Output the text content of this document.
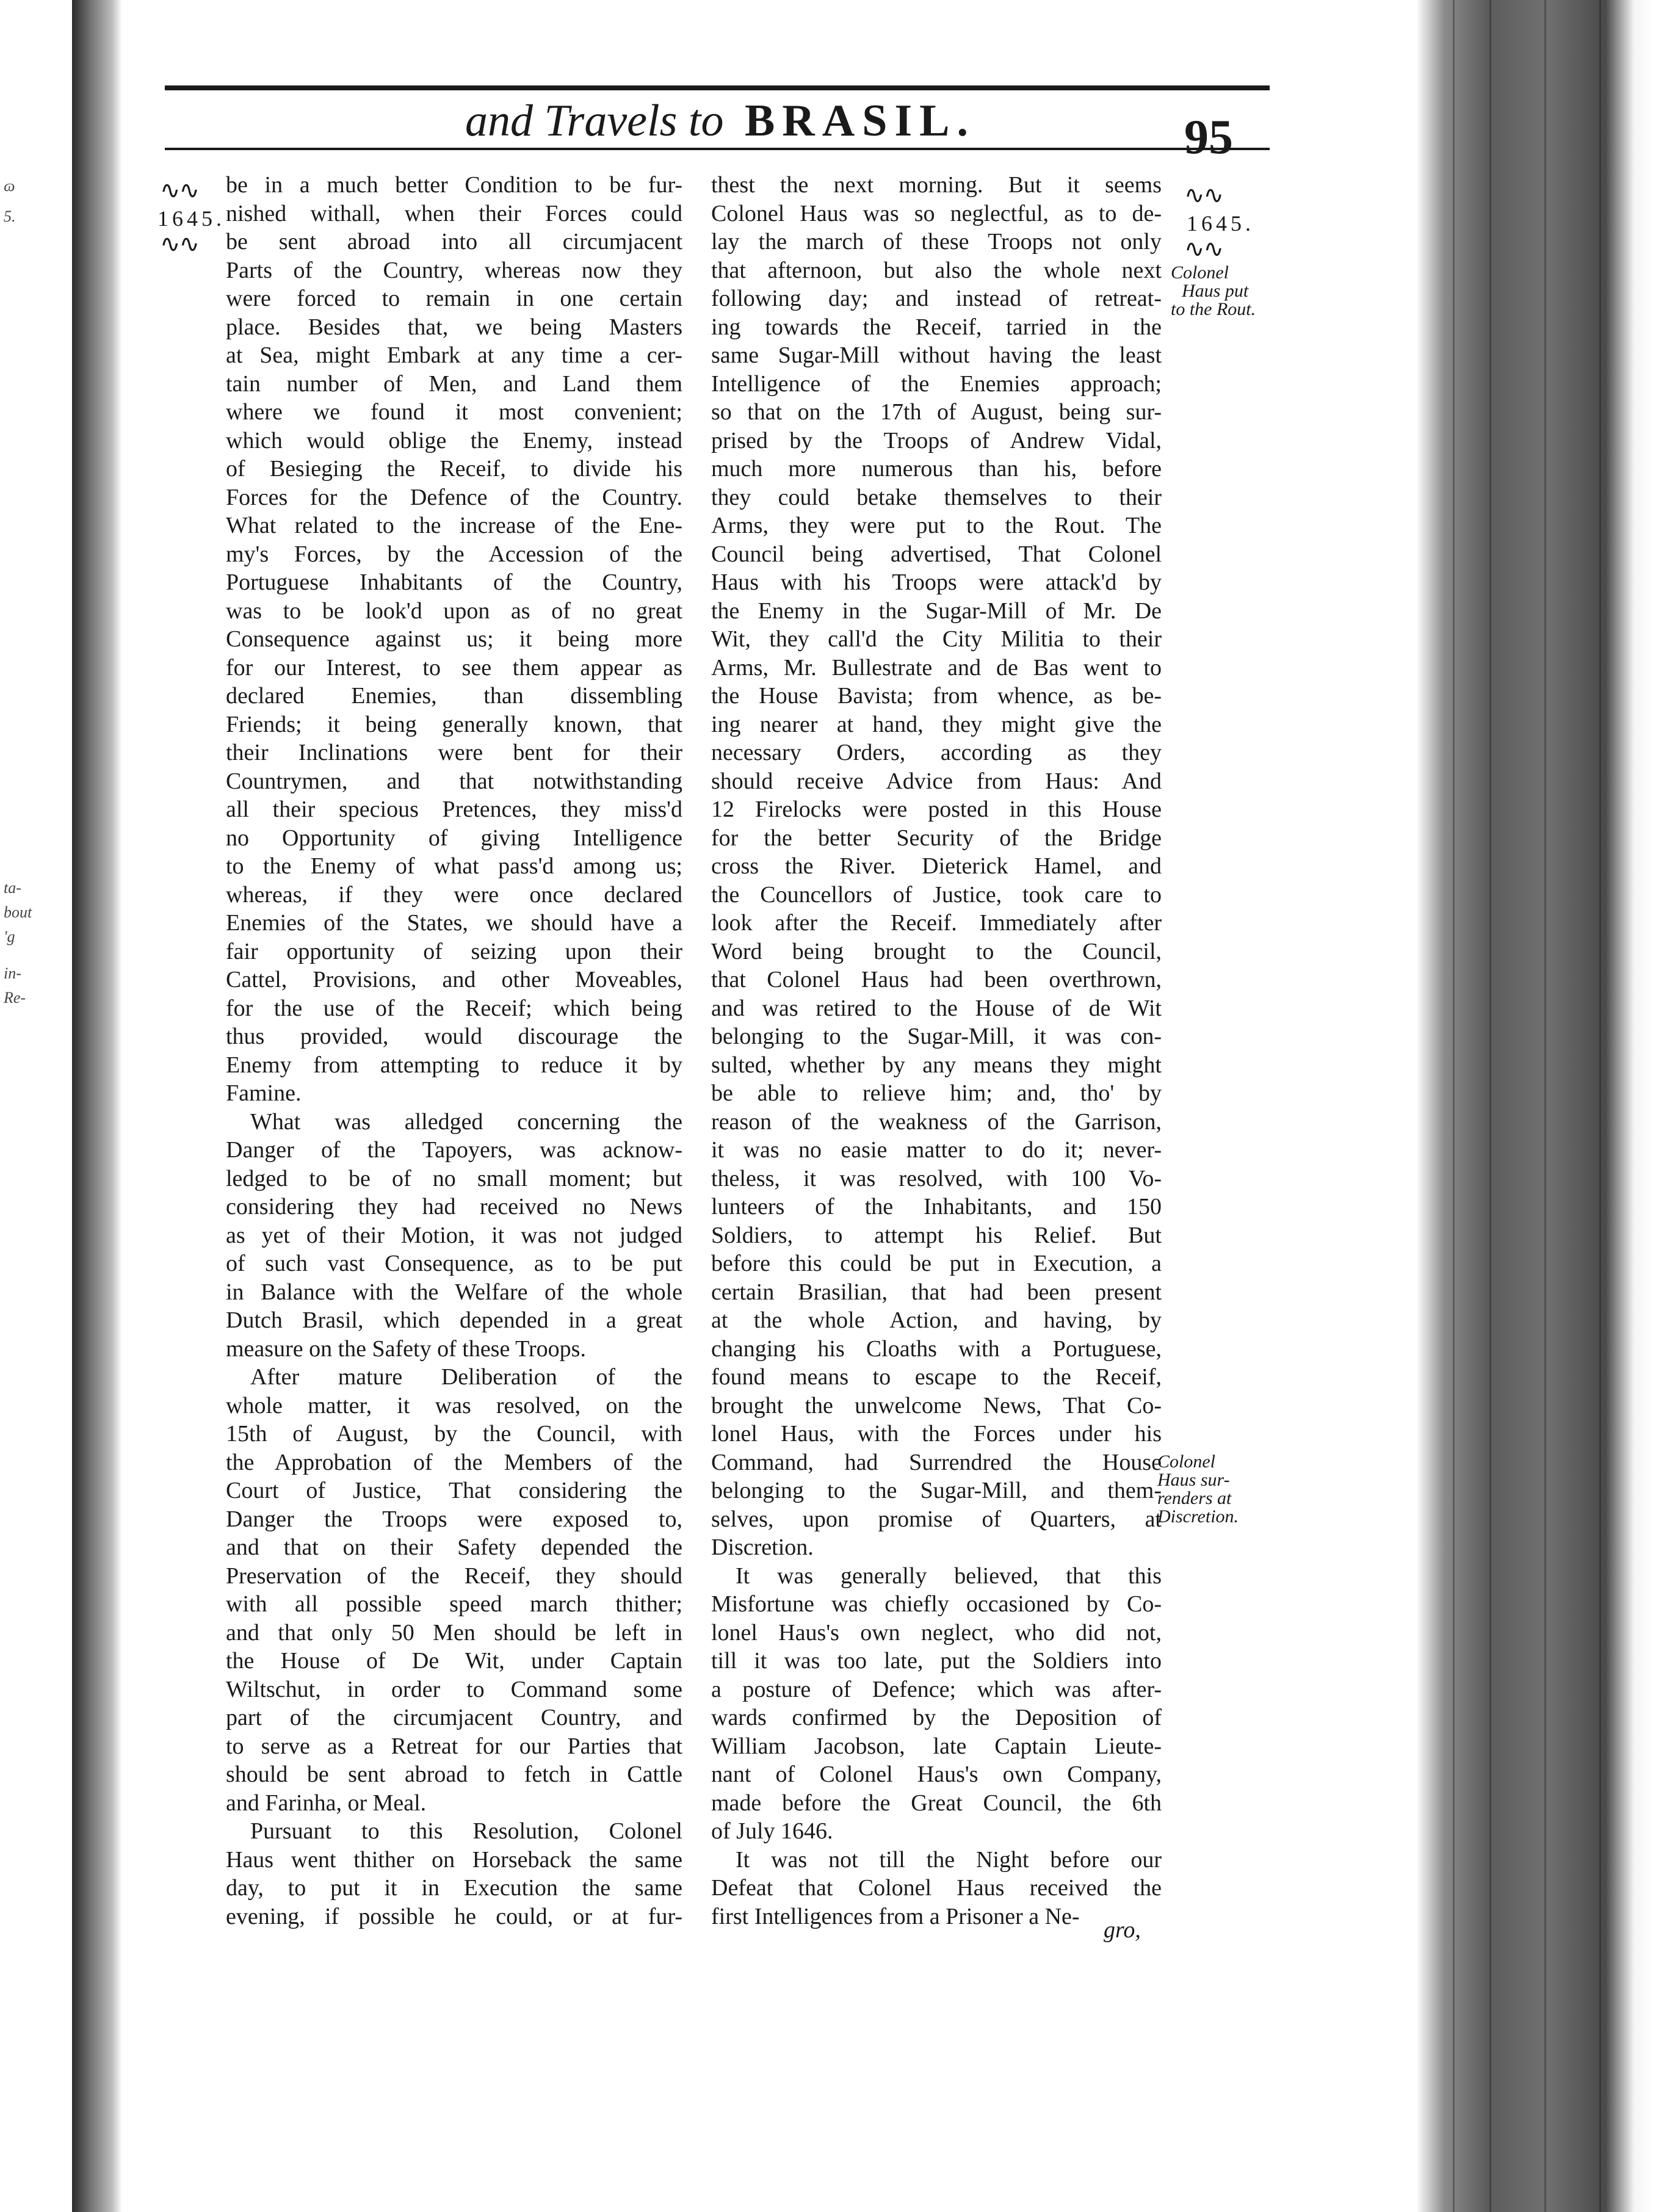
ɷ
5.
ta-
bout
'g
in-
Re-
and Travels to BRASIL.	95
∿∿
1645.
∿∿
∿∿
1645.
∿∿
Colonel
Haus put
to the Rout.
Colonel
Haus sur-
renders at
Discretion.
be in a much better Condition to be fur-
nished withall, when their Forces could
be sent abroad into all circumjacent
Parts of the Country, whereas now they
were forced to remain in one certain
place. Besides that, we being Masters
at Sea, might Embark at any time a cer-
tain number of Men, and Land them
where we found it most convenient;
which would oblige the Enemy, instead
of Besieging the Receif, to divide his
Forces for the Defence of the Country.
What related to the increase of the Ene-
my's Forces, by the Accession of the
Portuguese Inhabitants of the Country,
was to be look'd upon as of no great
Consequence against us; it being more
for our Interest, to see them appear as
declared Enemies, than dissembling
Friends; it being generally known, that
their Inclinations were bent for their
Countrymen, and that notwithstanding
all their specious Pretences, they miss'd
no Opportunity of giving Intelligence
to the Enemy of what pass'd among us;
whereas, if they were once declared
Enemies of the States, we should have a
fair opportunity of seizing upon their
Cattel, Provisions, and other Moveables,
for the use of the Receif; which being
thus provided, would discourage the
Enemy from attempting to reduce it by
Famine.
What was alledged concerning the
Danger of the Tapoyers, was acknow-
ledged to be of no small moment; but
considering they had received no News
as yet of their Motion, it was not judged
of such vast Consequence, as to be put
in Balance with the Welfare of the whole
Dutch Brasil, which depended in a great
measure on the Safety of these Troops.
After mature Deliberation of the
whole matter, it was resolved, on the
15th of August, by the Council, with
the Approbation of the Members of the
Court of Justice, That considering the
Danger the Troops were exposed to,
and that on their Safety depended the
Preservation of the Receif, they should
with all possible speed march thither;
and that only 50 Men should be left in
the House of De Wit, under Captain
Wiltschut, in order to Command some
part of the circumjacent Country, and
to serve as a Retreat for our Parties that
should be sent abroad to fetch in Cattle
and Farinha, or Meal.
Pursuant to this Resolution, Colonel
Haus went thither on Horseback the same
day, to put it in Execution the same
evening, if possible he could, or at fur-
thest the next morning. But it seems
Colonel Haus was so neglectful, as to de-
lay the march of these Troops not only
that afternoon, but also the whole next
following day; and instead of retreat-
ing towards the Receif, tarried in the
same Sugar-Mill without having the least
Intelligence of the Enemies approach;
so that on the 17th of August, being sur-
prised by the Troops of Andrew Vidal,
much more numerous than his, before
they could betake themselves to their
Arms, they were put to the Rout. The
Council being advertised, That Colonel
Haus with his Troops were attack'd by
the Enemy in the Sugar-Mill of Mr. De
Wit, they call'd the City Militia to their
Arms, Mr. Bullestrate and de Bas went to
the House Bavista; from whence, as be-
ing nearer at hand, they might give the
necessary Orders, according as they
should receive Advice from Haus: And
12 Firelocks were posted in this House
for the better Security of the Bridge
cross the River. Dieterick Hamel, and
the Councellors of Justice, took care to
look after the Receif. Immediately after
Word being brought to the Council,
that Colonel Haus had been overthrown,
and was retired to the House of de Wit
belonging to the Sugar-Mill, it was con-
sulted, whether by any means they might
be able to relieve him; and, tho' by
reason of the weakness of the Garrison,
it was no easie matter to do it; never-
theless, it was resolved, with 100 Vo-
lunteers of the Inhabitants, and 150
Soldiers, to attempt his Relief. But
before this could be put in Execution, a
certain Brasilian, that had been present
at the whole Action, and having, by
changing his Cloaths with a Portuguese,
found means to escape to the Receif,
brought the unwelcome News, That Co-
lonel Haus, with the Forces under his
Command, had Surrendred the House
belonging to the Sugar-Mill, and them-
selves, upon promise of Quarters, at
Discretion.
It was generally believed, that this
Misfortune was chiefly occasioned by Co-
lonel Haus's own neglect, who did not,
till it was too late, put the Soldiers into
a posture of Defence; which was after-
wards confirmed by the Deposition of
William Jacobson, late Captain Lieute-
nant of Colonel Haus's own Company,
made before the Great Council, the 6th
of July 1646.
It was not till the Night before our
Defeat that Colonel Haus received the
first Intelligences from a Prisoner a Ne-
gro,
